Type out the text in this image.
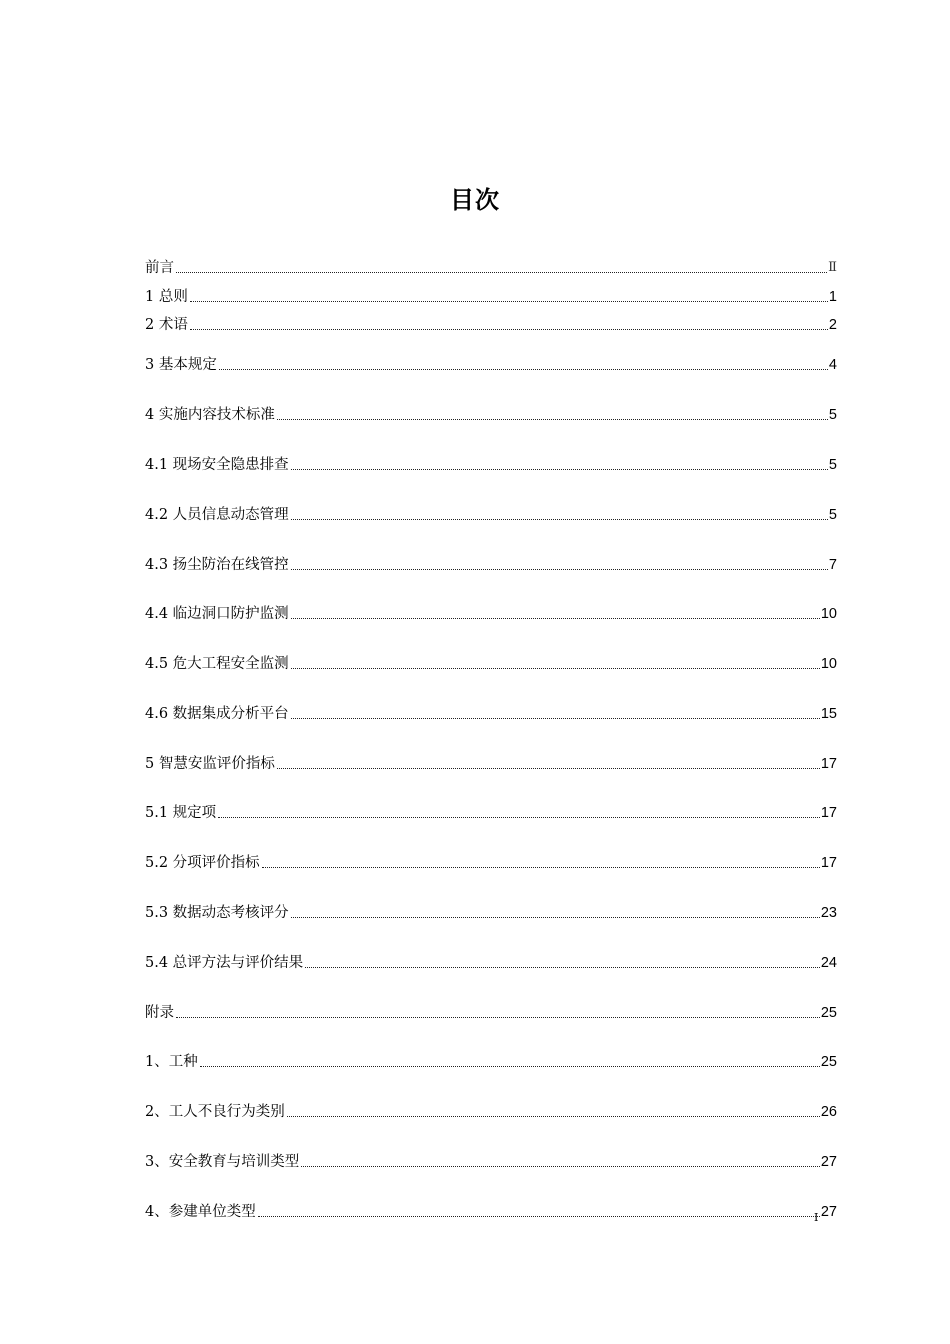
目次
前言	Ⅱ
1 总则	1
2 术语	2
3 基本规定	4
4 实施内容技术标准	5
4.1 现场安全隐患排查	5
4.2 人员信息动态管理	5
4.3 扬尘防治在线管控	7
4.4 临边洞口防护监测	10
4.5 危大工程安全监测	10
4.6 数据集成分析平台	15
5 智慧安监评价指标	17
5.1 规定项	17
5.2 分项评价指标	17
5.3 数据动态考核评分	23
5.4 总评方法与评价结果	24
附录	25
1、工种	25
2、工人不良行为类别	26
3、安全教育与培训类型	27
4、参建单位类型	27
I
